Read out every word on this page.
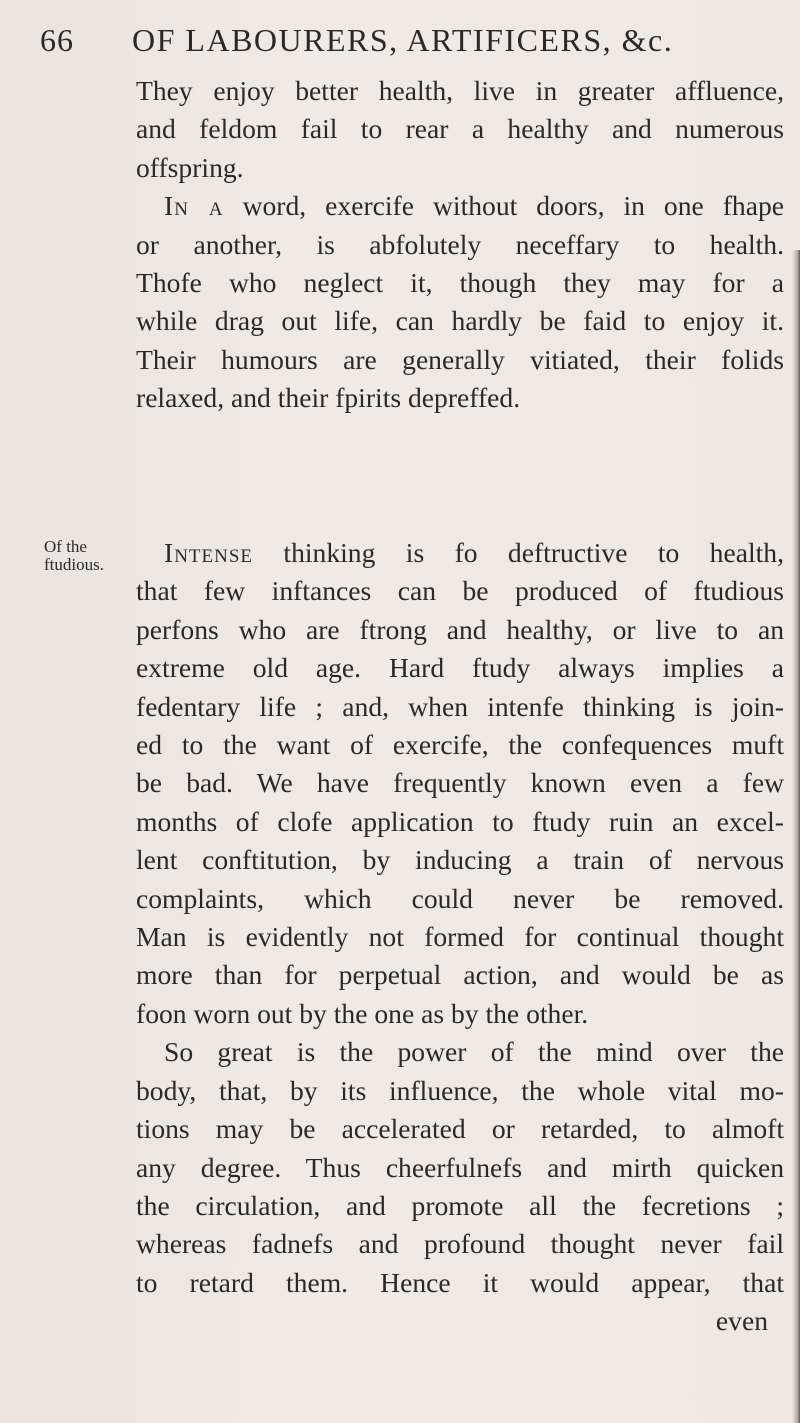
66 OF LABOURERS, ARTIFICERS, &c.
They enjoy better health, live in greater affluence,
and feldom fail to rear a healthy and numerous
offspring.
In a word, exercife without doors, in one fhape
or another, is abfolutely neceffary to health.
Thofe who neglect it, though they may for a
while drag out life, can hardly be faid to enjoy it.
Their humours are generally vitiated, their folids
relaxed, and their fpirits depreffed.
Of the
ftudious.	Intense thinking is fo deftructive to health,
that few inftances can be produced of ftudious
perfons who are ftrong and healthy, or live to an
extreme old age. Hard ftudy always implies a
fedentary life ; and, when intenfe thinking is join-
ed to the want of exercife, the confequences muft
be bad. We have frequently known even a few
months of clofe application to ftudy ruin an excel-
lent conftitution, by inducing a train of nervous
complaints, which could never be removed.
Man is evidently not formed for continual thought
more than for perpetual action, and would be as
foon worn out by the one as by the other.
So great is the power of the mind over the
body, that, by its influence, the whole vital mo-
tions may be accelerated or retarded, to almoft
any degree. Thus cheerfulnefs and mirth quicken
the circulation, and promote all the fecretions ;
whereas fadnefs and profound thought never fail
to retard them. Hence it would appear, that
even
